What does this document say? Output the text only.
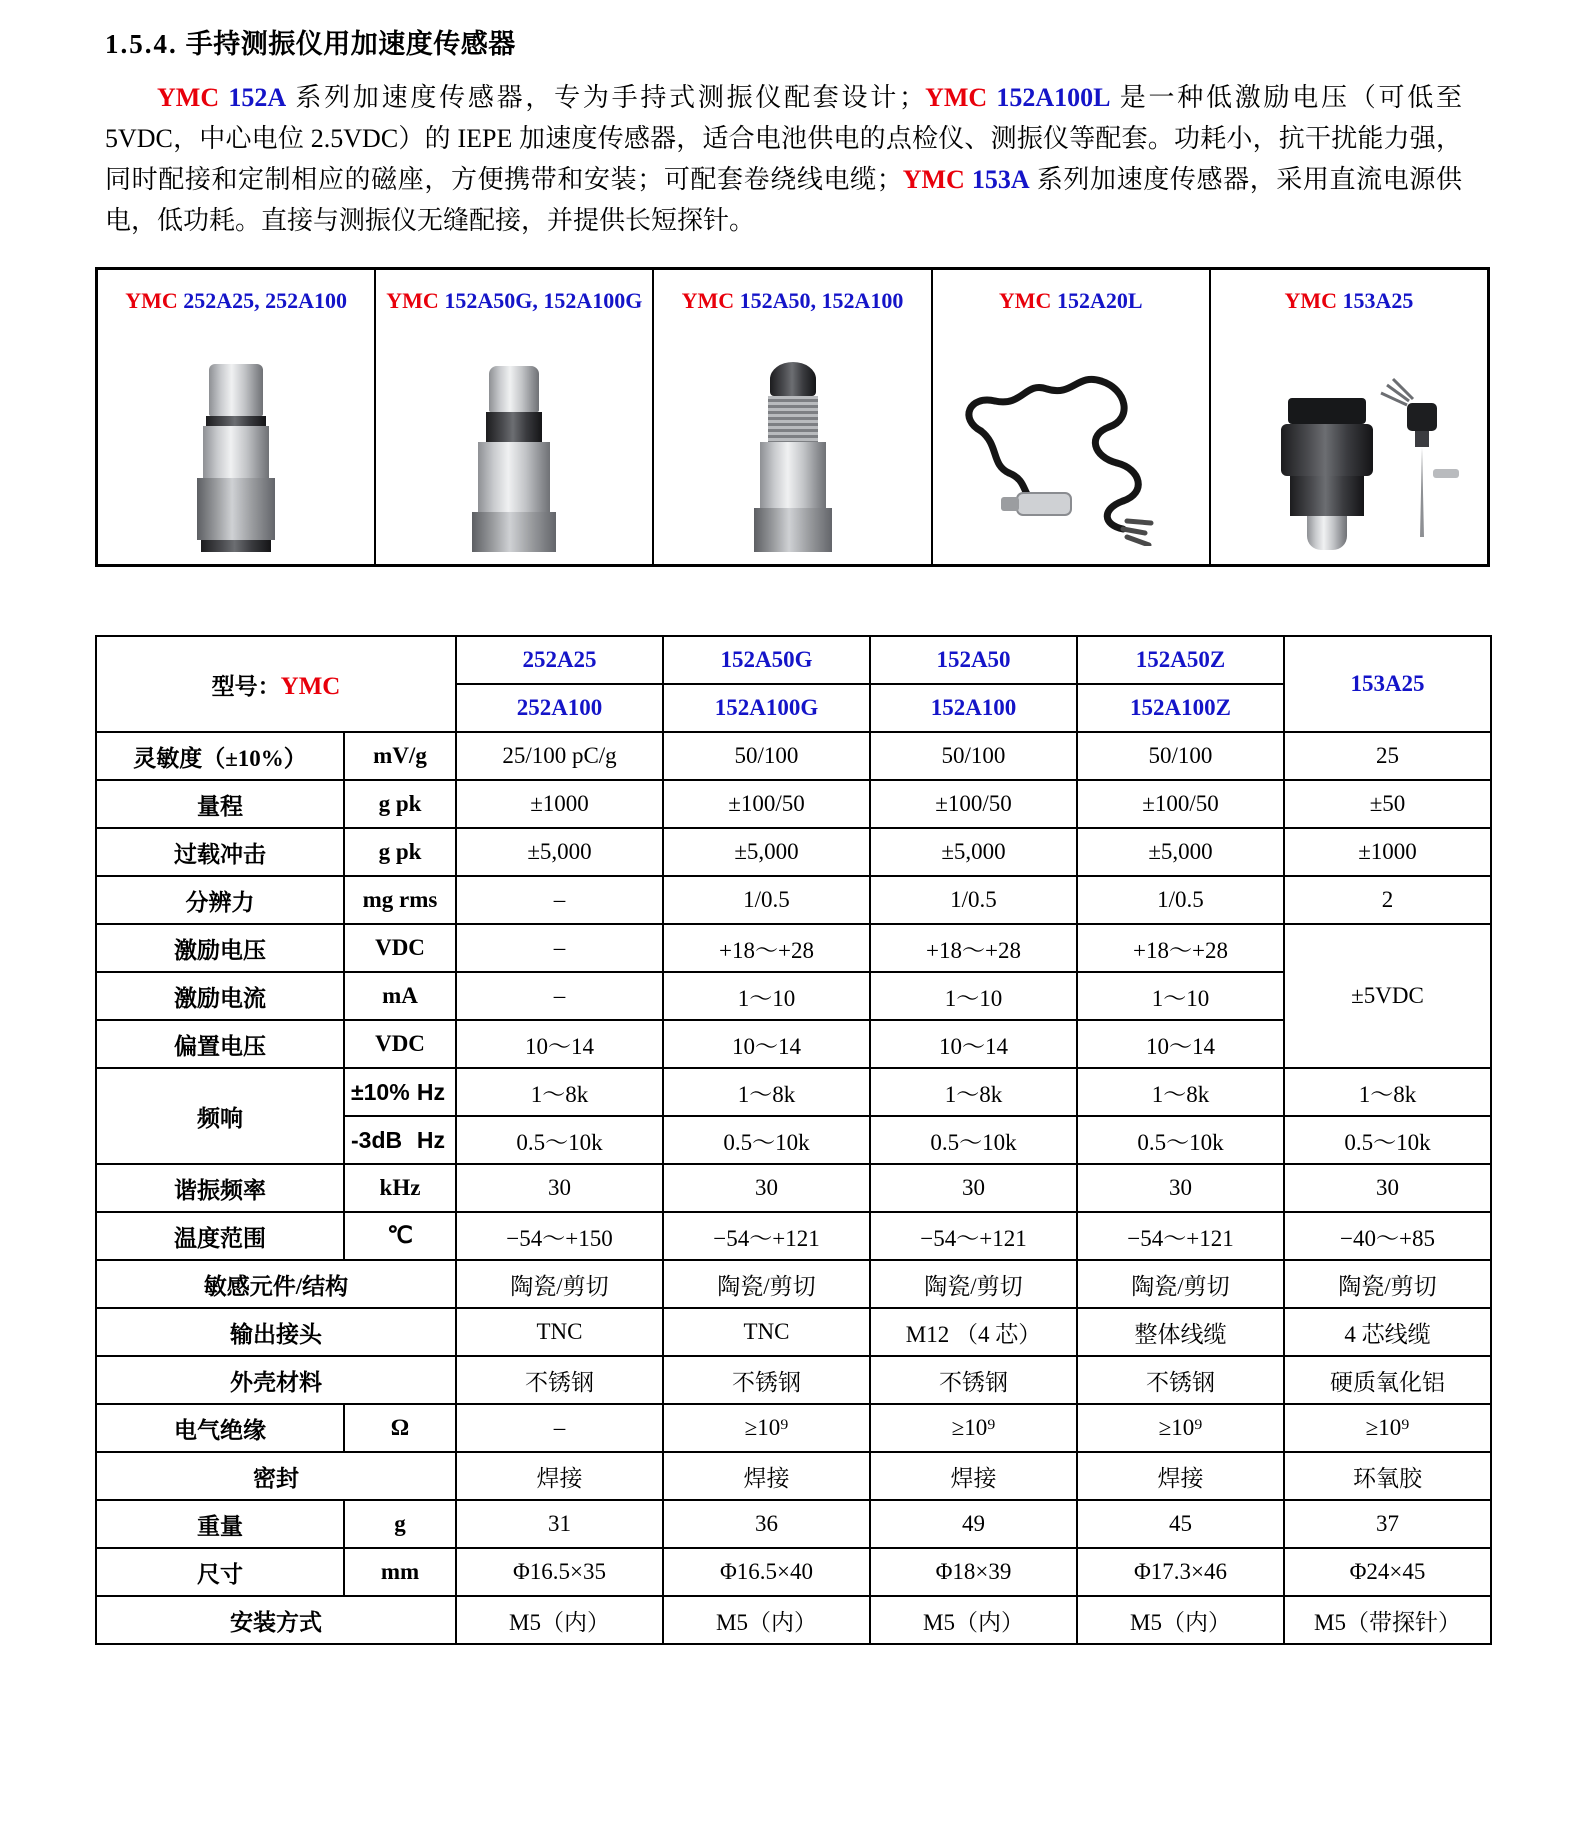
1.5.4. 手持测振仪用加速度传感器
YMC 152A 系列加速度传感器，专为手持式测振仪配套设计；YMC 152A100L 是一种低激励电压（可低至 5VDC，中心电位 2.5VDC）的 IEPE 加速度传感器，适合电池供电的点检仪、测振仪等配套。功耗小，抗干扰能力强，同时配接和定制相应的磁座，方便携带和安装；可配套卷绕线电缆；YMC 153A 系列加速度传感器，采用直流电源供电，低功耗。直接与测振仪无缝配接，并提供长短探针。
YMC 252A25, 252A100	YMC 152A50G, 152A100G	YMC 152A50, 152A100	YMC 152A20L	YMC 153A25
型号：YMC		252A25	152A50G	152A50	152A50Z	153A25
		252A100	152A100G	152A100	152A100Z	
灵敏度（±10%）	mV/g	25/100 pC/g	50/100	50/100	50/100	25
量程	g pk	±1000	±100/50	±100/50	±100/50	±50
过载冲击	g pk	±5,000	±5,000	±5,000	±5,000	±1000
分辨力	mg rms	–	1/0.5	1/0.5	1/0.5	2
激励电压	VDC	–	+18～+28	+18～+28	+18～+28	±5VDC
激励电流	mA	–	1～10	1～10	1～10	
偏置电压	VDC	10～14	10～14	10～14	10～14	
频响	±10% Hz	1～8k	1～8k	1～8k	1～8k	1～8k

	-3dB Hz	0.5～10k	0.5～10k	0.5～10k	0.5～10k	0.5～10k
谐振频率	kHz	30	30	30	30	30
温度范围	℃	−54～+150	−54～+121	−54～+121	−54～+121	−40～+85
敏感元件/结构		陶瓷/剪切	陶瓷/剪切	陶瓷/剪切	陶瓷/剪切	陶瓷/剪切
输出接头		TNC	TNC	M12 （4 芯）	整体线缆	4 芯线缆
外壳材料		不锈钢	不锈钢	不锈钢	不锈钢	硬质氧化铝
电气绝缘	Ω	–	≥10⁹	≥10⁹	≥10⁹	≥10⁹
密封		焊接	焊接	焊接	焊接	环氧胶
重量	g	31	36	49	45	37
尺寸	mm	Φ16.5×35	Φ16.5×40	Φ18×39	Φ17.3×46	Φ24×45
安装方式		M5（内）	M5（内）	M5（内）	M5（内）	M5（带探针）
